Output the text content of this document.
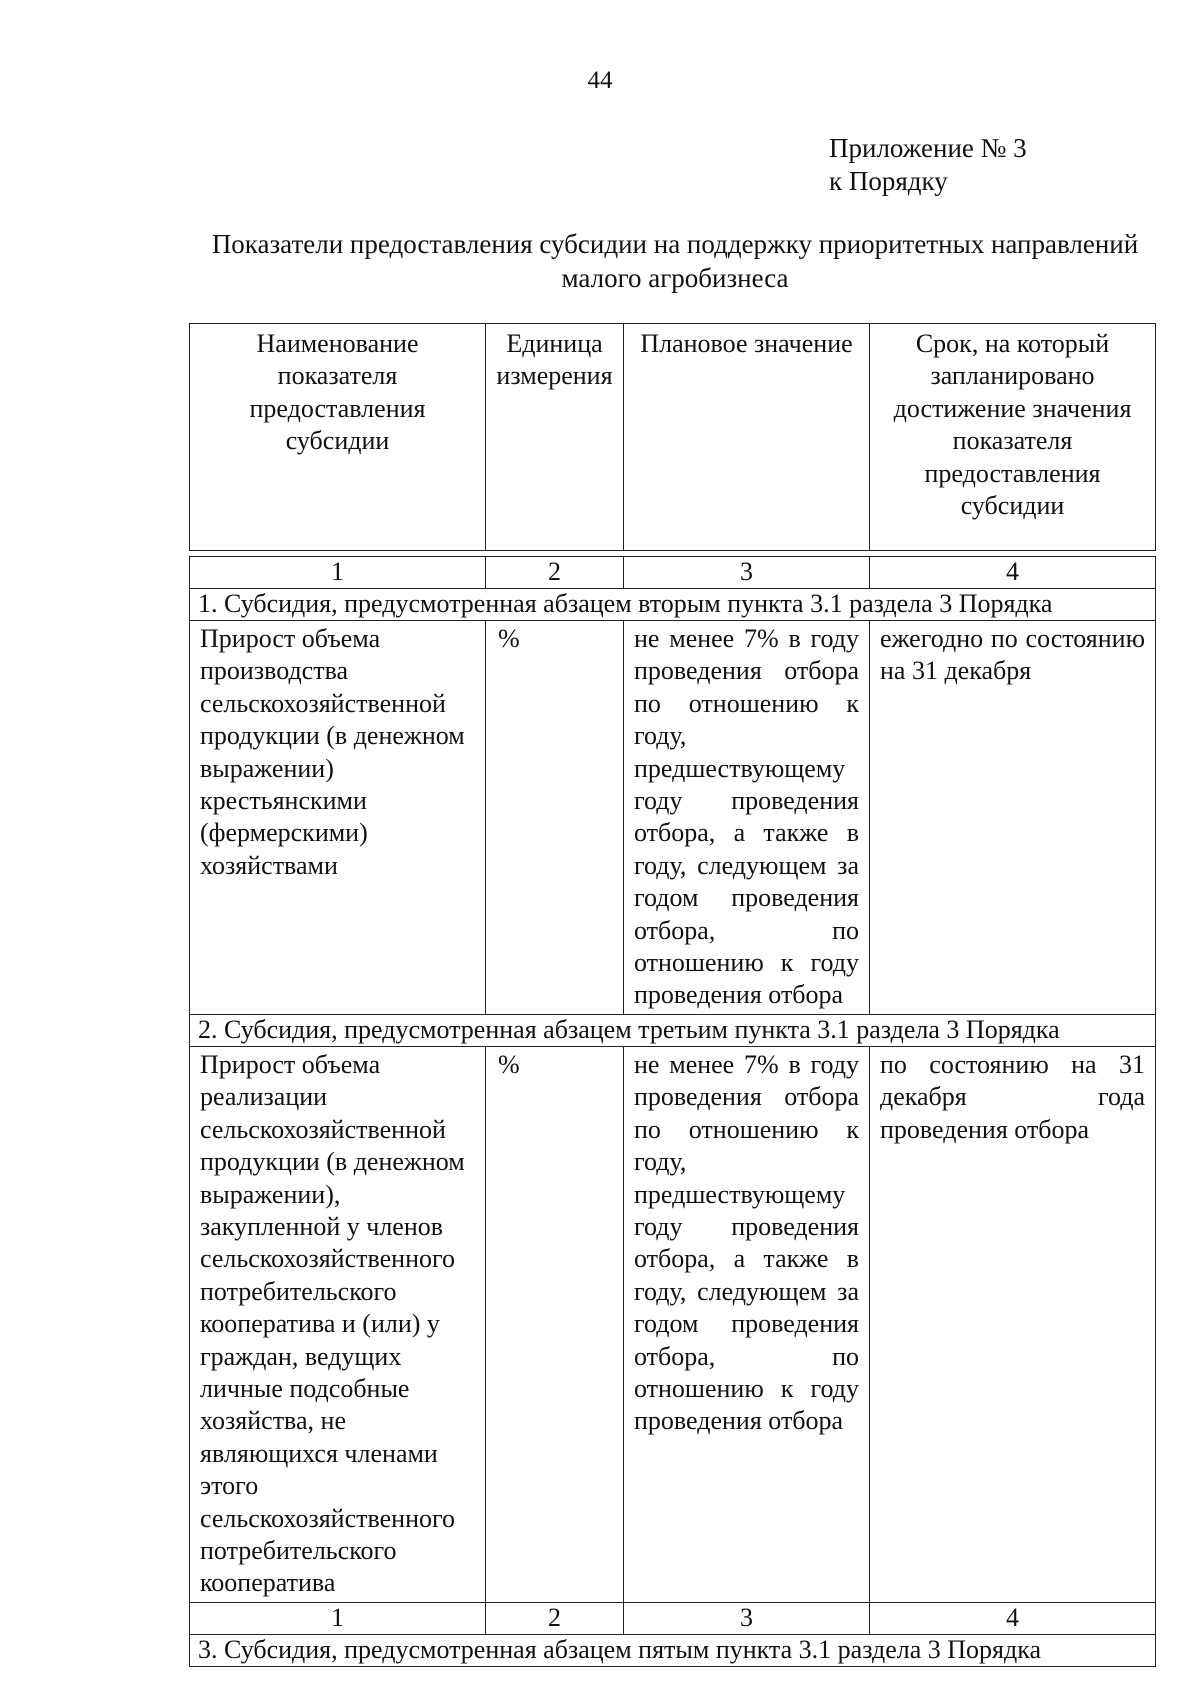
44
Приложение № 3
к Порядку
Показатели предоставления субсидии на поддержку приоритетных направлений малого агробизнеса
Наименование показателя предоставления субсидии	Единица измерения	Плановое значение	Срок, на который запланировано достижение значения показателя предоставления субсидии
1	2	3	4
1. Субсидия, предусмотренная абзацем вторым пункта 3.1 раздела 3 Порядка			
Прирост объема производства сельскохозяйственной продукции (в денежном выражении) крестьянскими (фермерскими) хозяйствами	%	не менее 7% в году проведения отбора по отношению к году, предшествующему году проведения отбора, а также в году, следующем за годом проведения отбора, по отношению к году проведения отбора	ежегодно по состоянию на 31 декабря
2. Субсидия, предусмотренная абзацем третьим пункта 3.1 раздела 3 Порядка			
Прирост объема реализации сельскохозяйственной продукции (в денежном выражении), закупленной у членов сельскохозяйственного потребительского кооператива и (или) у граждан, ведущих личные подсобные хозяйства, не являющихся членами этого сельскохозяйственного потребительского кооператива	%	не менее 7% в году проведения отбора по отношению к году, предшествующему году проведения отбора, а также в году, следующем за годом проведения отбора, по отношению к году проведения отбора	по состоянию на 31 декабря года проведения отбора
1	2	3	4
3. Субсидия, предусмотренная абзацем пятым пункта 3.1 раздела 3 Порядка			
